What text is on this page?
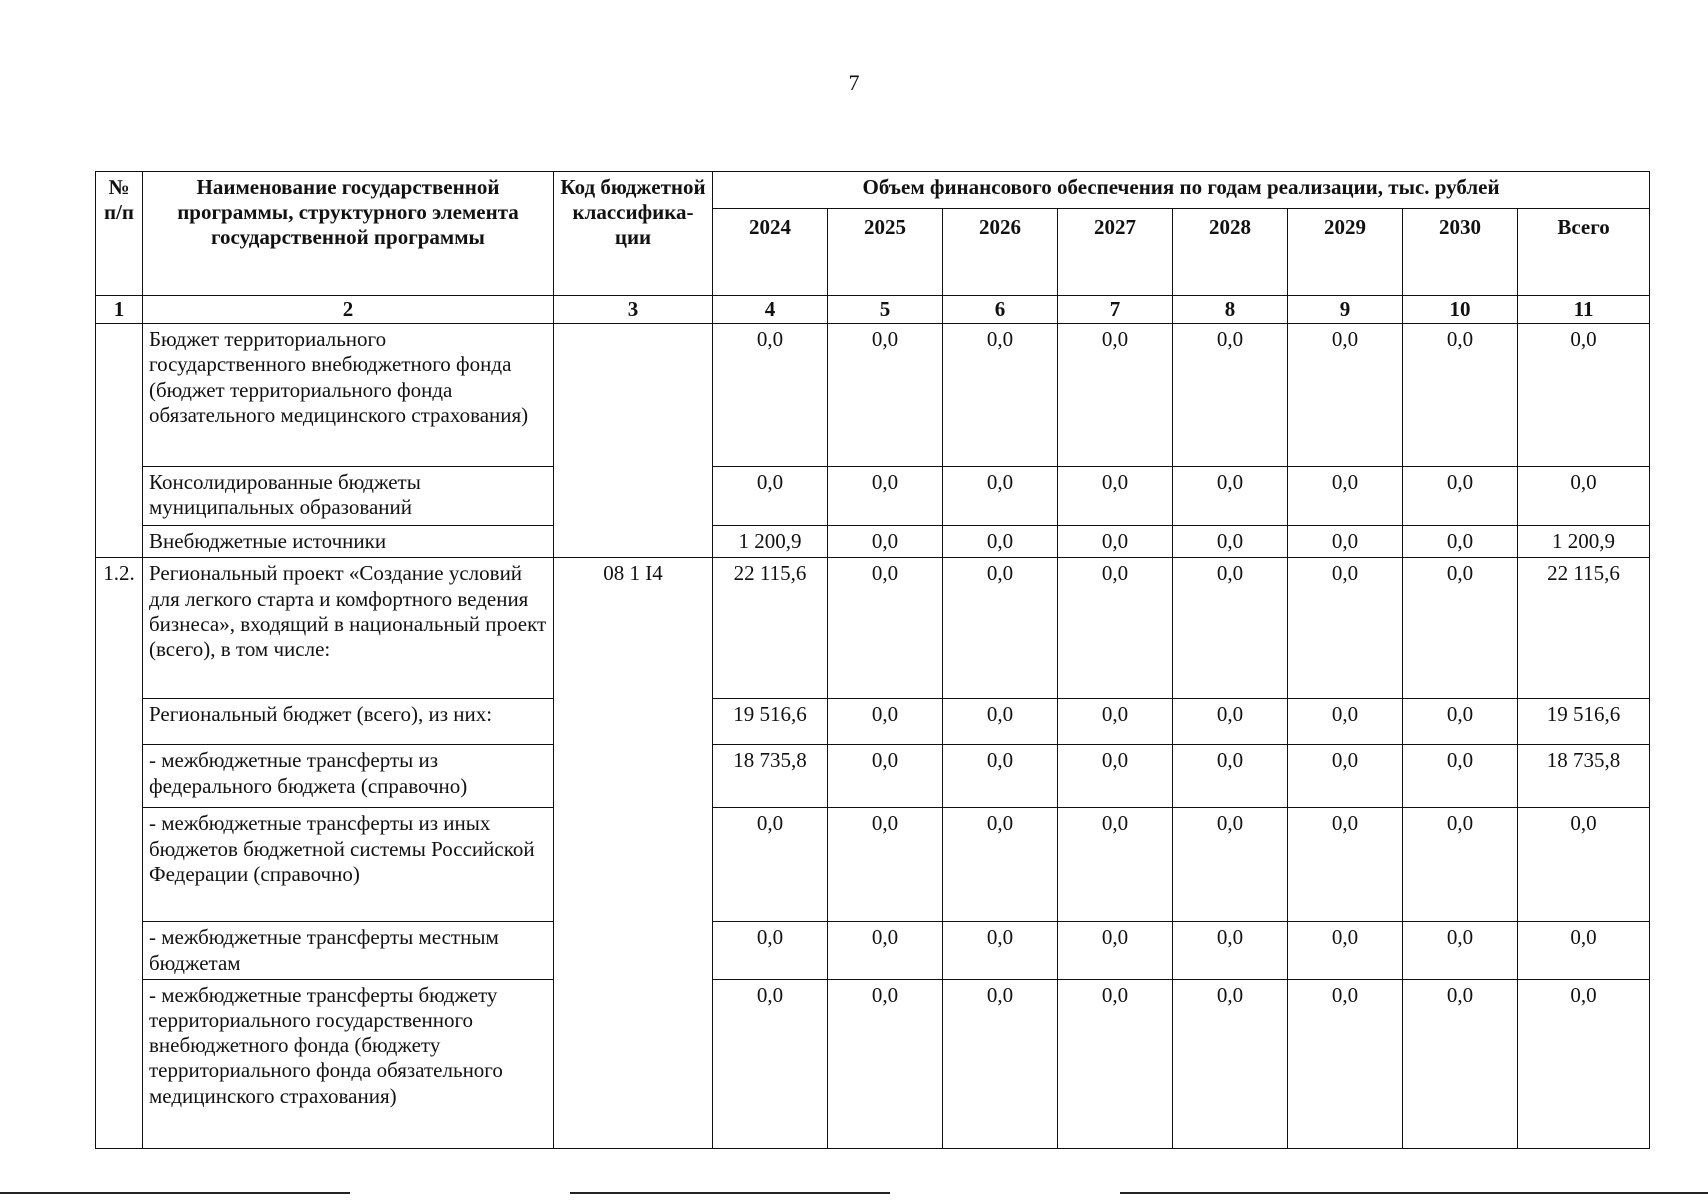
7
№ п/п	Наименование государственной программы, структурного элемента государственной программы	Код бюджетной классифика-ции	Объем финансового обеспечения по годам реализации, тыс. рублей							
			2024	2025	2026	2027	2028	2029	2030	Всего
1	2	3	4	5	6	7	8	9	10	11
	Бюджет территориального государственного внебюджетного фонда (бюджет территориального фонда обязательного медицинского страхования)		0,0	0,0	0,0	0,0	0,0	0,0	0,0	0,0
	Консолидированные бюджеты муниципальных образований		0,0	0,0	0,0	0,0	0,0	0,0	0,0	0,0
	Внебюджетные источники		1 200,9	0,0	0,0	0,0	0,0	0,0	0,0	1 200,9
1.2.	Региональный проект «Создание условий для легкого старта и комфортного ведения бизнеса», входящий в национальный проект (всего), в том числе:	08 1 I4	22 115,6	0,0	0,0	0,0	0,0	0,0	0,0	22 115,6
	Региональный бюджет (всего), из них:		19 516,6	0,0	0,0	0,0	0,0	0,0	0,0	19 516,6
	- межбюджетные трансферты из федерального бюджета (справочно)		18 735,8	0,0	0,0	0,0	0,0	0,0	0,0	18 735,8
	- межбюджетные трансферты из иных бюджетов бюджетной системы Российской Федерации (справочно)		0,0	0,0	0,0	0,0	0,0	0,0	0,0	0,0
	- межбюджетные трансферты местным бюджетам		0,0	0,0	0,0	0,0	0,0	0,0	0,0	0,0
	- межбюджетные трансферты бюджету территориального государственного внебюджетного фонда (бюджету территориального фонда обязательного медицинского страхования)		0,0	0,0	0,0	0,0	0,0	0,0	0,0	0,0
